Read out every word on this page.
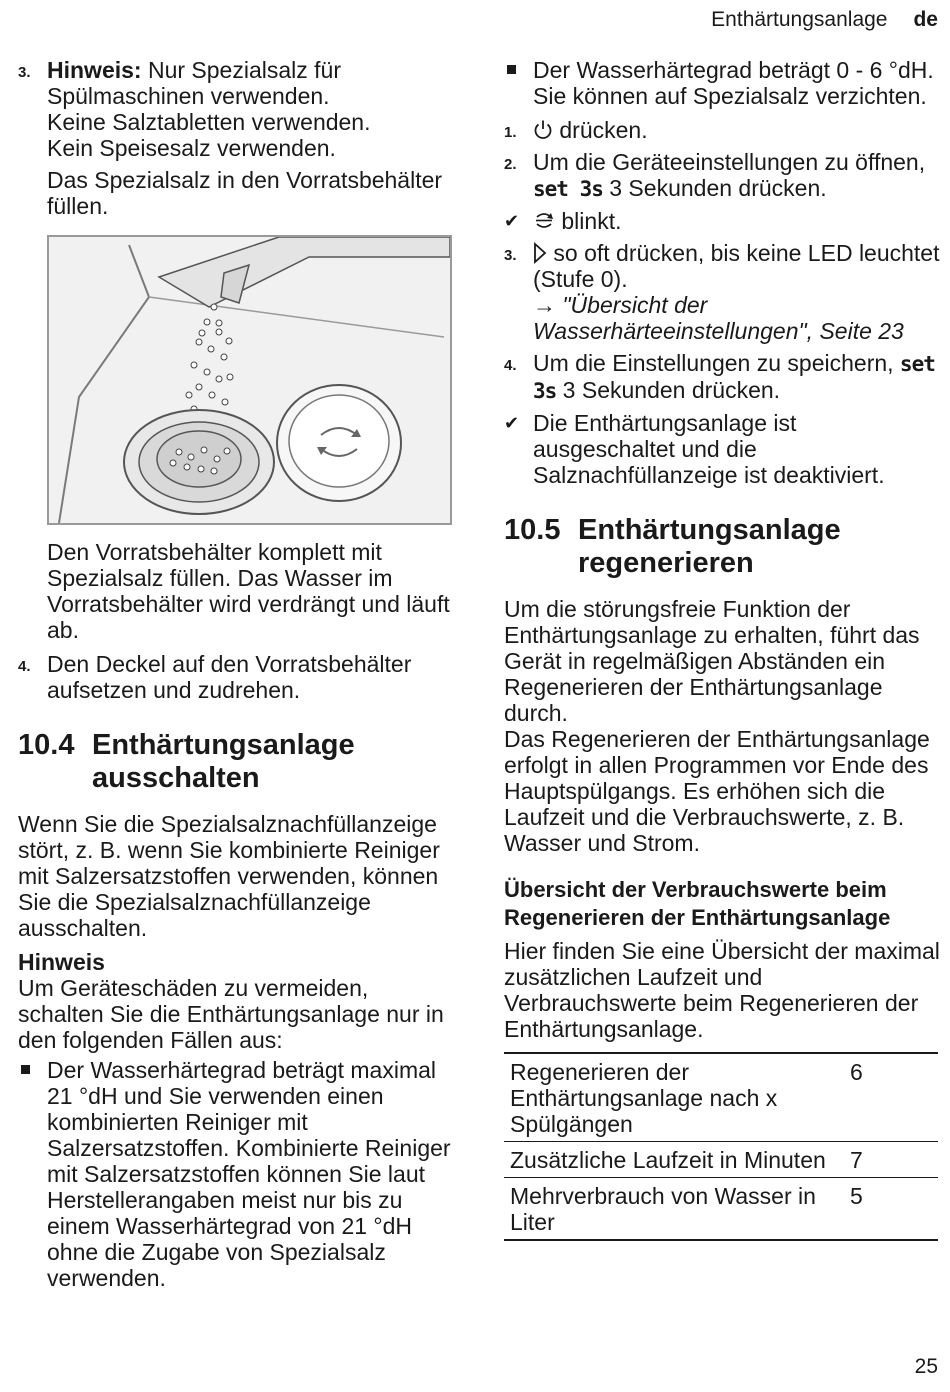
Enthärtungsanlage de
3. Hinweis: Nur Spezialsalz für Spülmaschinen verwenden.
Keine Salztabletten verwenden.
Kein Speisesalz verwenden.
Das Spezialsalz in den Vorratsbehälter füllen.
Den Vorratsbehälter komplett mit Spezialsalz füllen. Das Wasser im Vorratsbehälter wird verdrängt und läuft ab.
4. Den Deckel auf den Vorratsbehälter aufsetzen und zudrehen.
10.4 Enthärtungsanlage ausschalten
Wenn Sie die Spezialsalznachfüllanzeige stört, z. B. wenn Sie kombinierte Reiniger mit Salzersatzstoffen verwenden, können Sie die Spezialsalznachfüllanzeige ausschalten.
Hinweis
Um Geräteschäden zu vermeiden, schalten Sie die Enthärtungsanlage nur in den folgenden Fällen aus:
Der Wasserhärtegrad beträgt maximal 21 °dH und Sie verwenden einen kombinierten Reiniger mit Salzersatzstoffen. Kombinierte Reiniger mit Salzersatzstoffen können Sie laut Herstellerangaben meist nur bis zu einem Wasserhärtegrad von 21 °dH ohne die Zugabe von Spezialsalz verwenden.
Der Wasserhärtegrad beträgt 0 - 6 °dH. Sie können auf Spezialsalz verzichten.
1. drücken.
2. Um die Geräteeinstellungen zu öffnen, set 3s 3 Sekunden drücken.
✔ blinkt.
3. so oft drücken, bis keine LED leuchtet (Stufe 0).
→ "Übersicht der Wasserhärteeinstellungen", Seite 23
4. Um die Einstellungen zu speichern, set 3s 3 Sekunden drücken.
✔ Die Enthärtungsanlage ist ausgeschaltet und die Salznachfüllanzeige ist deaktiviert.
10.5 Enthärtungsanlage regenerieren
Um die störungsfreie Funktion der Enthärtungsanlage zu erhalten, führt das Gerät in regelmäßigen Abständen ein Regenerieren der Enthärtungsanlage durch.
Das Regenerieren der Enthärtungsanlage erfolgt in allen Programmen vor Ende des Hauptspülgangs. Es erhöhen sich die Laufzeit und die Verbrauchswerte, z. B. Wasser und Strom.
Übersicht der Verbrauchswerte beim Regenerieren der Enthärtungsanlage
Hier finden Sie eine Übersicht der maximal zusätzlichen Laufzeit und Verbrauchswerte beim Regenerieren der Enthärtungsanlage.
Regenerieren der Enthärtungsanlage nach x Spülgängen	6
Zusätzliche Laufzeit in Minuten	7
Mehrverbrauch von Wasser in Liter	5
25
